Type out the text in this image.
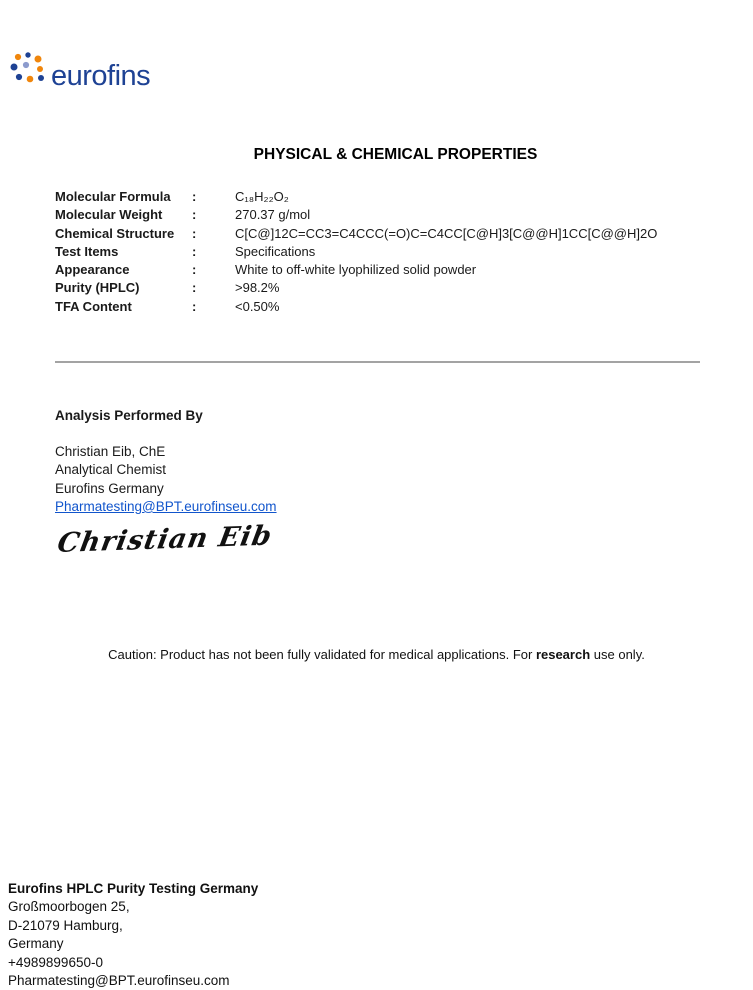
eurofins
PHYSICAL & CHEMICAL PROPERTIES
Molecular Formula	:	C₁₈H₂₂O₂
Molecular Weight	:	270.37 g/mol
Chemical Structure	:	C[C@]12C=CC3=C4CCC(=O)C=C4CC[C@H]3[C@@H]1CC[C@@H]2O
Test Items	:	Specifications
Appearance	:	White to off-white lyophilized solid powder
Purity (HPLC)	:	>98.2%
TFA Content	:	<0.50%
Analysis Performed By
Christian Eib, ChE
Analytical Chemist
Eurofins Germany
Pharmatesting@BPT.eurofinseu.com
Christian Eib
Caution: Product has not been fully validated for medical applications. For research use only.
Eurofins HPLC Purity Testing Germany
Großmoorbogen 25,
D-21079 Hamburg,
Germany
+4989899650-0
Pharmatesting@BPT.eurofinseu.com
